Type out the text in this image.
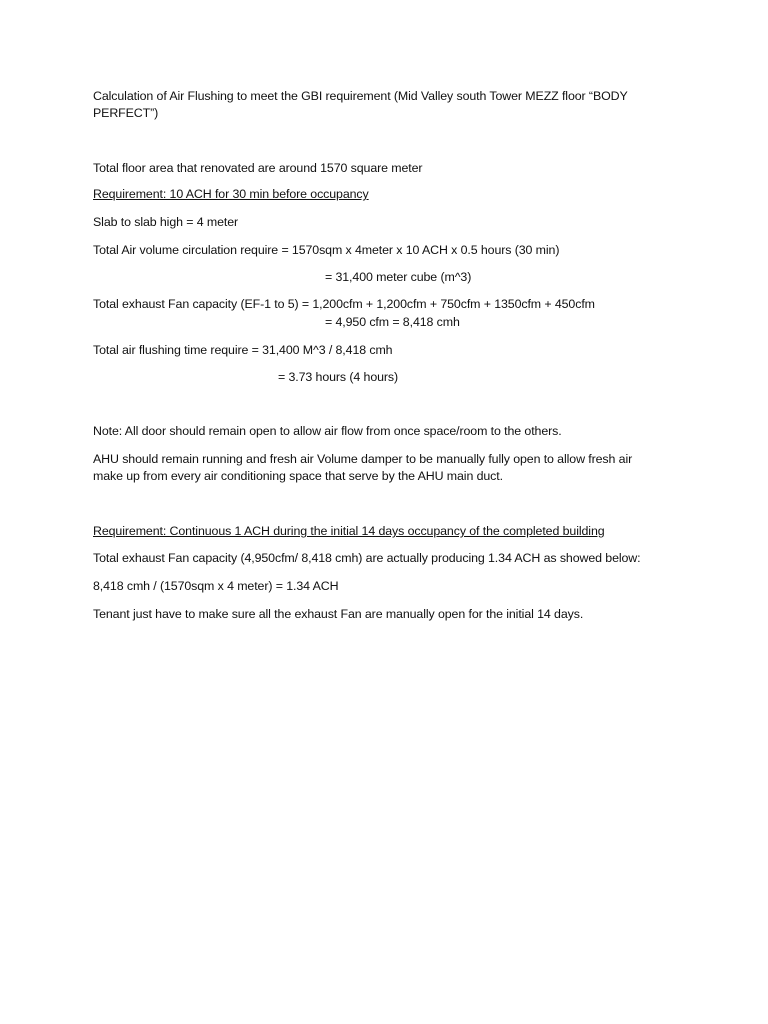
Calculation of Air Flushing to meet the GBI requirement (Mid Valley south Tower MEZZ floor “BODY
PERFECT”)
Total floor area that renovated are around 1570 square meter
Requirement: 10 ACH for 30 min before occupancy
Slab to slab high = 4 meter
Total Air volume circulation require = 1570sqm x 4meter x 10 ACH x 0.5 hours (30 min)
= 31,400 meter cube (m^3)
Total exhaust Fan capacity (EF-1 to 5) = 1,200cfm + 1,200cfm + 750cfm + 1350cfm + 450cfm
= 4,950 cfm = 8,418 cmh
Total air flushing time require = 31,400 M^3 / 8,418 cmh
= 3.73 hours (4 hours)
Note: All door should remain open to allow air flow from once space/room to the others.
AHU should remain running and fresh air Volume damper to be manually fully open to allow fresh air
make up from every air conditioning space that serve by the AHU main duct.
Requirement: Continuous 1 ACH during the initial 14 days occupancy of the completed building
Total exhaust Fan capacity (4,950cfm/ 8,418 cmh) are actually producing 1.34 ACH as showed below:
8,418 cmh / (1570sqm x 4 meter) = 1.34 ACH
Tenant just have to make sure all the exhaust Fan are manually open for the initial 14 days.
